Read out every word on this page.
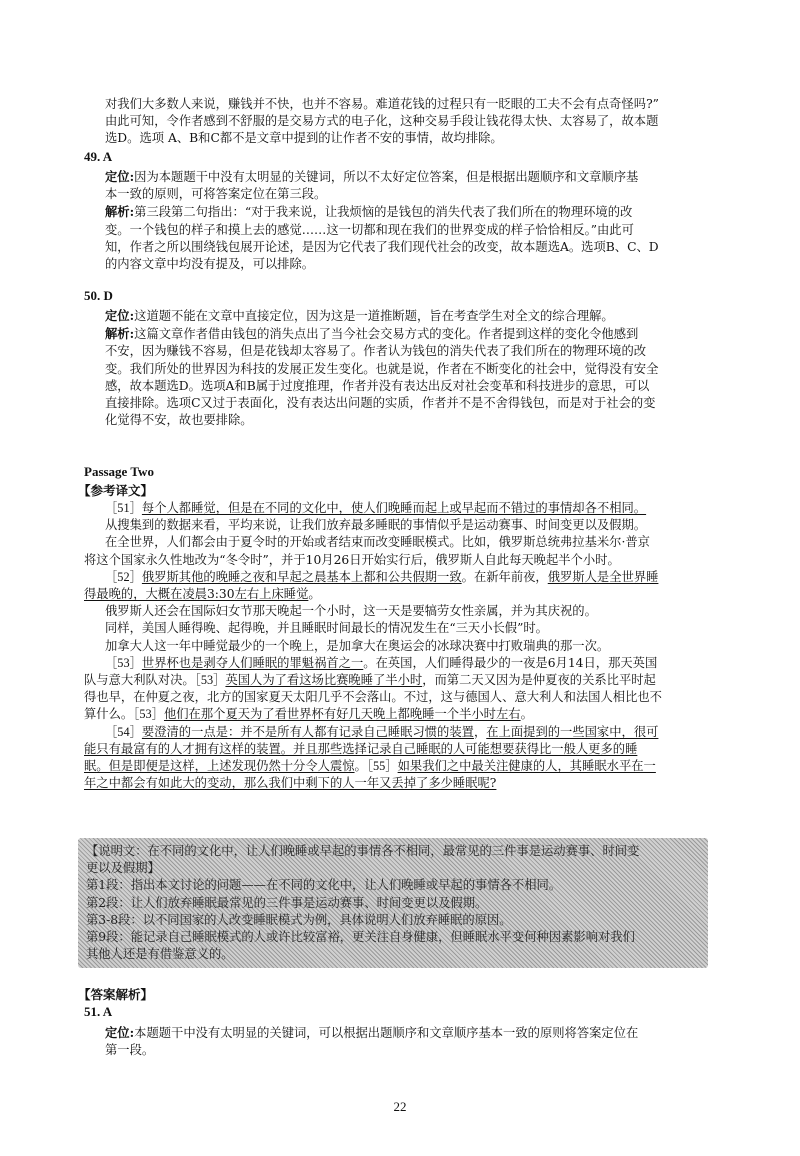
对我们大多数人来说，赚钱并不快，也并不容易。难道花钱的过程只有一眨眼的工夫不会有点奇怪吗?”

由此可知，令作者感到不舒服的是交易方式的电子化，这种交易手段让钱花得太快、太容易了，故本题

选D。选项 A、B和C都不是文章中提到的让作者不安的事情，故均排除。

49. A

定位:因为本题题干中没有太明显的关键词，所以不太好定位答案，但是根据出题顺序和文章顺序基

本一致的原则，可将答案定位在第三段。

解析:第三段第二句指出：“对于我来说，让我烦恼的是钱包的消失代表了我们所在的物理环境的改

变。一个钱包的样子和摸上去的感觉……这一切都和现在我们的世界变成的样子恰恰相反。”由此可

知，作者之所以围绕钱包展开论述，是因为它代表了我们现代社会的改变，故本题选A。选项B、C、D

的内容文章中均没有提及，可以排除。

50. D

定位:这道题不能在文章中直接定位，因为这是一道推断题，旨在考查学生对全文的综合理解。

解析:这篇文章作者借由钱包的消失点出了当今社会交易方式的变化。作者提到这样的变化令他感到

不安，因为赚钱不容易，但是花钱却太容易了。作者认为钱包的消失代表了我们所在的物理环境的改

变。我们所处的世界因为科技的发展正发生变化。也就是说，作者在不断变化的社会中，觉得没有安全

感，故本题选D。选项A和B属于过度推理，作者并没有表达出反对社会变革和科技进步的意思，可以

直接排除。选项C又过于表面化，没有表达出问题的实质，作者并不是不舍得钱包，而是对于社会的变

化觉得不安，故也要排除。

Passage Two
【参考译文】

［51］每个人都睡觉，但是在不同的文化中，使人们晚睡而起上或早起而不错过的事情却各不相同。

从搜集到的数据来看，平均来说，让我们放弃最多睡眠的事情似乎是运动赛事、时间变更以及假期。

在全世界，人们都会由于夏令时的开始或者结束而改变睡眠模式。比如，俄罗斯总统弗拉基米尔·普京

将这个国家永久性地改为“冬令时”，并于10月26日开始实行后，俄罗斯人自此每天晚起半个小时。

［52］俄罗斯其他的晚睡之夜和早起之晨基本上都和公共假期一致。在新年前夜，俄罗斯人是全世界睡

得最晚的，大概在凌晨3:30左右上床睡觉。

俄罗斯人还会在国际妇女节那天晚起一个小时，这一天是要犒劳女性亲属，并为其庆祝的。

同样，美国人睡得晚、起得晚，并且睡眠时间最长的情况发生在“三天小长假”时。

加拿大人这一年中睡觉最少的一个晚上，是加拿大在奥运会的冰球决赛中打败瑞典的那一次。

［53］世界杯也是剥夺人们睡眠的罪魁祸首之一。在英国，人们睡得最少的一夜是6月14日，那天英国

队与意大利队对决。［53］英国人为了看这场比赛晚睡了半小时，而第二天又因为是仲夏夜的关系比平时起

得也早，在仲夏之夜，北方的国家夏天太阳几乎不会落山。不过，这与德国人、意大利人和法国人相比也不

算什么。［53］他们在那个夏天为了看世界杯有好几天晚上都晚睡一个半小时左右。

［54］要澄清的一点是：并不是所有人都有记录自己睡眠习惯的装置，在上面提到的一些国家中，很可

能只有最富有的人才拥有这样的装置。并且那些选择记录自己睡眠的人可能想要获得比一般人更多的睡

眠。但是即便是这样，上述发现仍然十分令人震惊。［55］如果我们之中最关注健康的人，其睡眠水平在一

年之中都会有如此大的变动，那么我们中剩下的人一年又丢掉了多少睡眠呢?

【说明文：在不同的文化中，让人们晚睡或早起的事情各不相同，最常见的三件事是运动赛事、时间变

更以及假期】

第1段：指出本文讨论的问题——在不同的文化中，让人们晚睡或早起的事情各不相同。

第2段：让人们放弃睡眠最常见的三件事是运动赛事、时间变更以及假期。

第3-8段：以不同国家的人改变睡眠模式为例，具体说明人们放弃睡眠的原因。

第9段：能记录自己睡眠模式的人或许比较富裕，更关注自身健康，但睡眠水平变何种因素影响对我们

其他人还是有借鉴意义的。

【答案解析】
51. A

定位:本题题干中没有太明显的关键词，可以根据出题顺序和文章顺序基本一致的原则将答案定位在

第一段。

22
